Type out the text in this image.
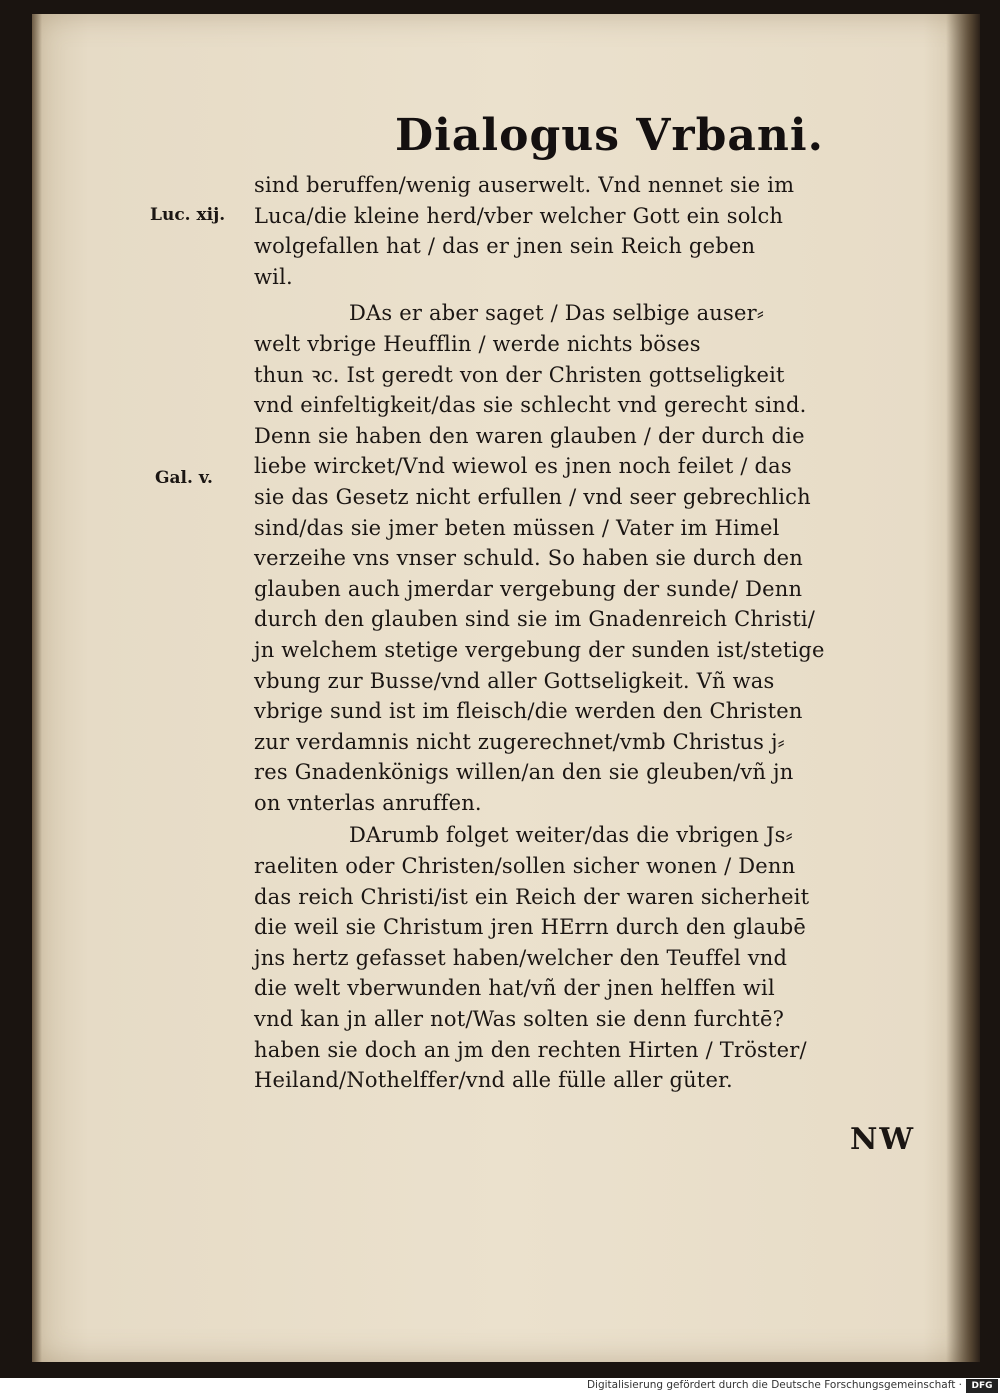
Dialogus Vrbani.
Luc. xij.
Gal. v.
sind beruffen/wenig auserwelt. Vnd nennet sie im
Luca/die kleine herd/vber welcher Gott ein solch
wolgefallen hat / das er jnen sein Reich geben
wil.
DAs er aber saget / Das selbige auser⸗
welt vbrige Heufflin / werde nichts böses
thun ꝛc. Ist geredt von der Christen gottseligkeit
vnd einfeltigkeit/das sie schlecht vnd gerecht sind.
Denn sie haben den waren glauben / der durch die
liebe wircket/Vnd wiewol es jnen noch feilet / das
sie das Gesetz nicht erfullen / vnd seer gebrechlich
sind/das sie jmer beten müssen / Vater im Himel
verzeihe vns vnser schuld. So haben sie durch den
glauben auch jmerdar vergebung der sunde/ Denn
durch den glauben sind sie im Gnadenreich Christi/
jn welchem stetige vergebung der sunden ist/stetige
vbung zur Busse/vnd aller Gottseligkeit. Vñ was
vbrige sund ist im fleisch/die werden den Christen
zur verdamnis nicht zugerechnet/vmb Christus j⸗
res Gnadenkönigs willen/an den sie gleuben/vñ jn
on vnterlas anruffen.
DArumb folget weiter/das die vbrigen Js⸗
raeliten oder Christen/sollen sicher wonen / Denn
das reich Christi/ist ein Reich der waren sicherheit
die weil sie Christum jren HErrn durch den glaubē
jns hertz gefasset haben/welcher den Teuffel vnd
die welt vberwunden hat/vñ der jnen helffen wil
vnd kan jn aller not/Was solten sie denn furchtē?
haben sie doch an jm den rechten Hirten / Tröster/
Heiland/Nothelffer/vnd alle fülle aller güter.
NW
Digitalisierung gefördert durch die Deutsche Forschungsgemeinschaft ·	DFG
